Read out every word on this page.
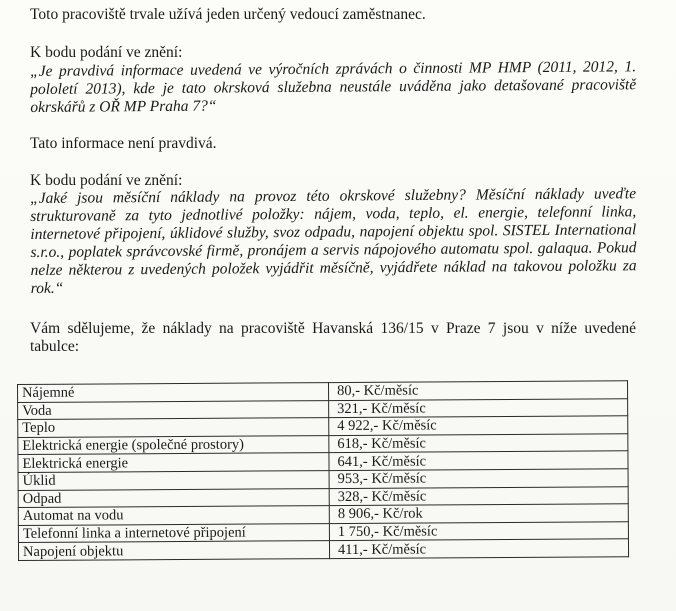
Toto pracoviště trvale užívá jeden určený vedoucí zaměstnanec.

K bodu podání ve znění:

„Je pravdivá informace uvedená ve výročních zprávách o činnosti MP HMP (2011, 2012, 1. pololetí 2013), kde je tato okrsková služebna neustále uváděna jako detašované pracoviště okrskářů z OŘ MP Praha 7?“

Tato informace není pravdivá.

K bodu podání ve znění:

„Jaké jsou měsíční náklady na provoz této okrskové služebny? Měsíční náklady uveďte strukturovaně za tyto jednotlivé položky: nájem, voda, teplo, el. energie, telefonní linka, internetové připojení, úklidové služby, svoz odpadu, napojení objektu spol. SISTEL International s.r.o., poplatek správcovské firmě, pronájem a servis nápojového automatu spol. galaqua. Pokud nelze některou z uvedených položek vyjádřit měsíčně, vyjádřete náklad na takovou položku za rok.“

Vám sdělujeme, že náklady na pracoviště Havanská 136/15 v Praze 7 jsou v níže uvedené tabulce:

Nájemné	80,- Kč/měsíc
Voda	321,- Kč/měsíc
Teplo	4 922,- Kč/měsíc
Elektrická energie (společné prostory)	618,- Kč/měsíc
Elektrická energie	641,- Kč/měsíc
Úklid	953,- Kč/měsíc
Odpad	328,- Kč/měsíc
Automat na vodu	8 906,- Kč/rok
Telefonní linka a internetové připojení	1 750,- Kč/měsíc
Napojení objektu	411,- Kč/měsíc
